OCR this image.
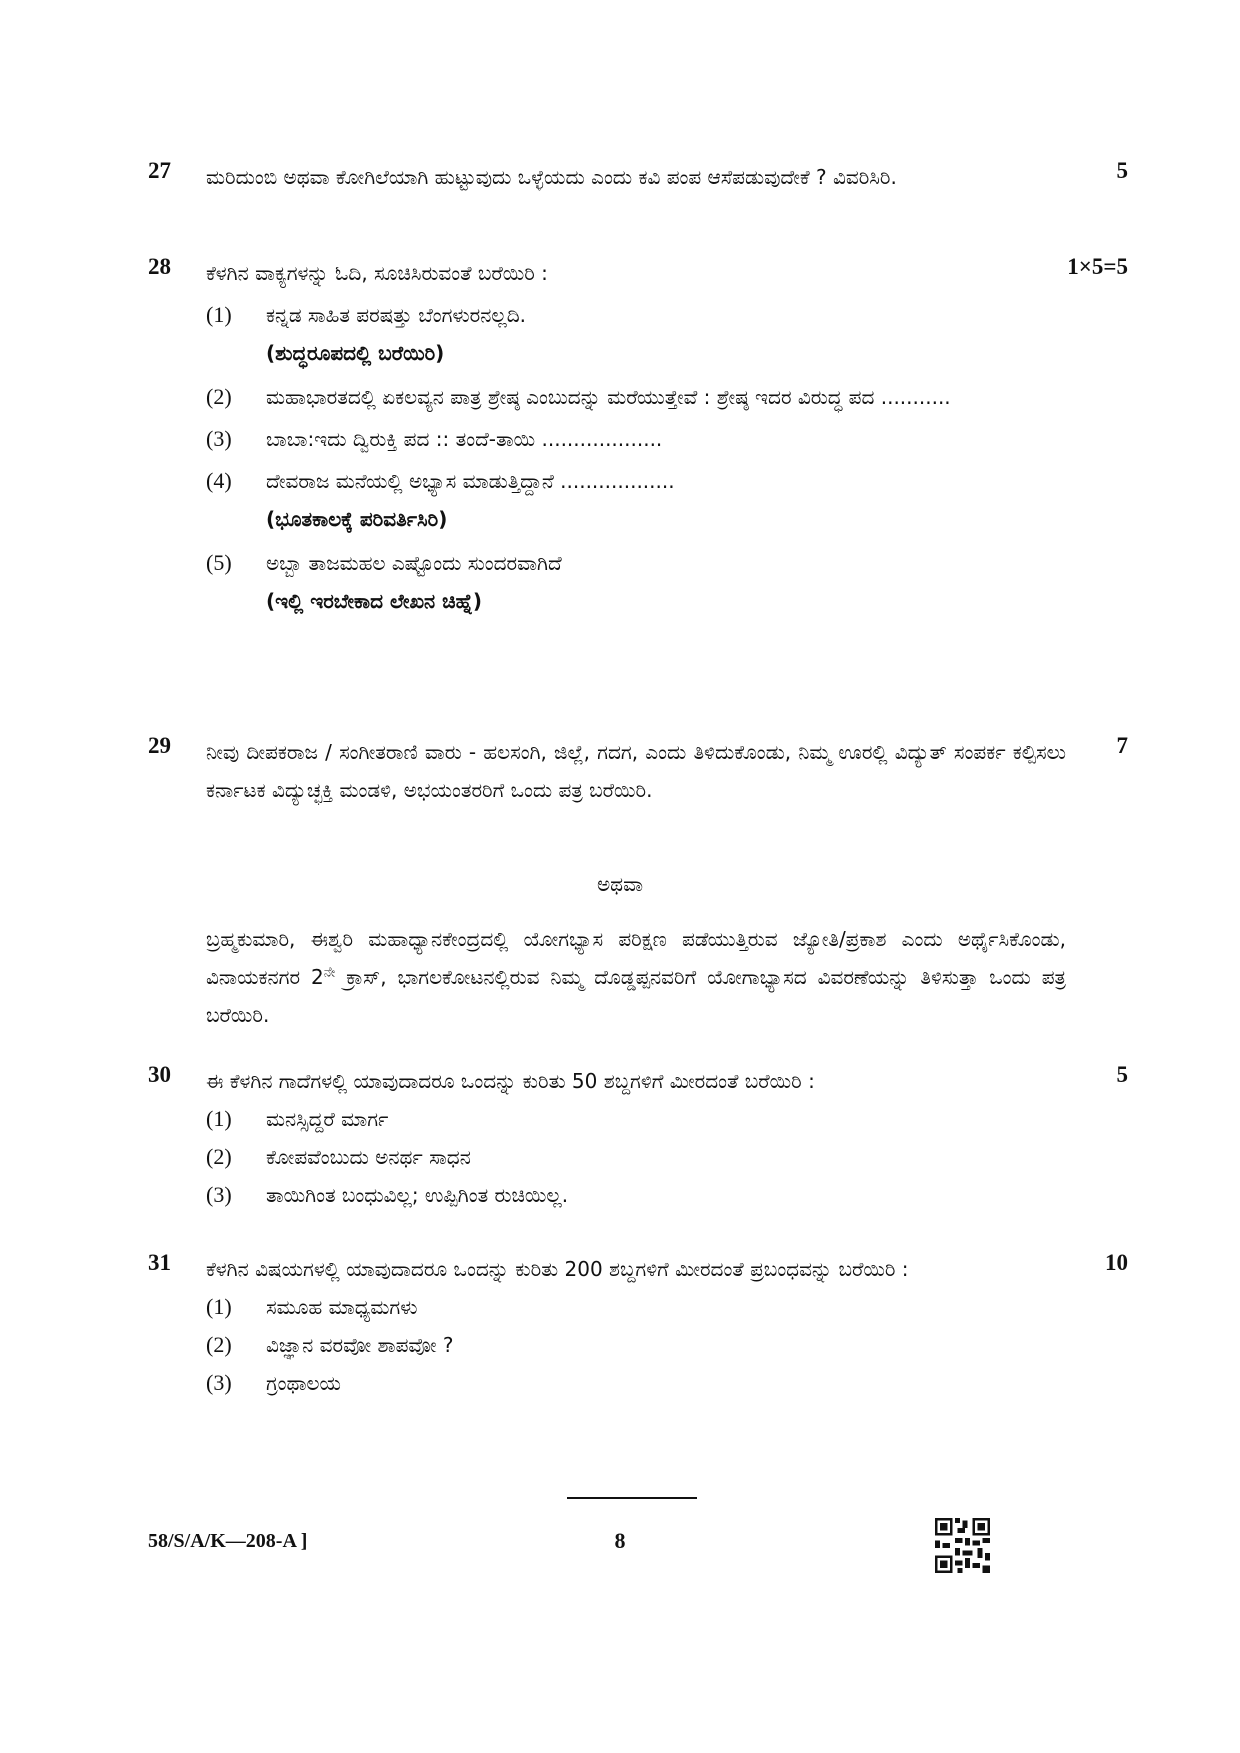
27	5
ಮರಿದುಂಬಿ ಅಥವಾ ಕೋಗಿಲೆಯಾಗಿ ಹುಟ್ಟುವುದು ಒಳ್ಳೆಯದು ಎಂದು ಕವಿ ಪಂಪ ಆಸೆಪಡುವುದೇಕೆ ? ವಿವರಿಸಿರಿ.
28	1×5=5
ಕೆಳಗಿನ ವಾಕ್ಯಗಳನ್ನು ಓದಿ, ಸೂಚಿಸಿರುವಂತೆ ಬರೆಯಿರಿ :
(1) ಕನ್ನಡ ಸಾಹಿತ ಪರಷತ್ತು ಬೆಂಗಳುರನಲ್ಲದಿ.
(ಶುದ್ಧರೂಪದಲ್ಲಿ ಬರೆಯಿರಿ)
(2) ಮಹಾಭಾರತದಲ್ಲಿ ಏಕಲವ್ಯನ ಪಾತ್ರ ಶ್ರೇಷ್ಠ ಎಂಬುದನ್ನು ಮರೆಯುತ್ತೇವೆ : ಶ್ರೇಷ್ಠ ಇದರ ವಿರುದ್ಧ ಪದ ...........
(3) ಬಾಬಾ:ಇದು ದ್ವಿರುಕ್ತಿ ಪದ :: ತಂದೆ-ತಾಯಿ ...................
(4) ದೇವರಾಜ ಮನೆಯಲ್ಲಿ ಅಭ್ಯಾಸ ಮಾಡುತ್ತಿದ್ದಾನೆ ..................
(ಭೂತಕಾಲಕ್ಕೆ ಪರಿವರ್ತಿಸಿರಿ)
(5) ಅಬ್ಬಾ ತಾಜಮಹಲ ಎಷ್ಟೊಂದು ಸುಂದರವಾಗಿದೆ
(ಇಲ್ಲಿ ಇರಬೇಕಾದ ಲೇಖನ ಚಿಹ್ನೆ)
29	7
ನೀವು ದೀಪಕರಾಜ / ಸಂಗೀತರಾಣಿ ವಾರು - ಹಲಸಂಗಿ, ಜಿಲ್ಲೆ, ಗದಗ, ಎಂದು ತಿಳಿದುಕೊಂಡು, ನಿಮ್ಮ ಊರಲ್ಲಿ ವಿದ್ಯುತ್ ಸಂಪರ್ಕ ಕಲ್ಪಿಸಲು ಕರ್ನಾಟಕ ವಿದ್ಯುಚ್ಛಕ್ತಿ ಮಂಡಳಿ, ಅಭಯಂತರರಿಗೆ ಒಂದು ಪತ್ರ ಬರೆಯಿರಿ.
ಅಥವಾ
ಬ್ರಹ್ಮಕುಮಾರಿ, ಈಶ್ವರಿ ಮಹಾಧ್ಯಾನಕೇಂದ್ರದಲ್ಲಿ ಯೋಗಭ್ಯಾಸ ಪರಿಕ್ಷಣ ಪಡೆಯುತ್ತಿರುವ ಜ್ಯೋತಿ/ಪ್ರಕಾಶ ಎಂದು ಅರ್ಥೈಸಿಕೊಂಡು, ವಿನಾಯಕನಗರ $2^{ನೇ}$ ಕ್ರಾಸ್, ಭಾಗಲಕೋಟನಲ್ಲಿರುವ ನಿಮ್ಮ ದೊಡ್ಡಪ್ಪನವರಿಗೆ ಯೋಗಾಭ್ಯಾಸದ ವಿವರಣೆಯನ್ನು ತಿಳಿಸುತ್ತಾ ಒಂದು ಪತ್ರ ಬರೆಯಿರಿ.
30	5
ಈ ಕೆಳಗಿನ ಗಾದೆಗಳಲ್ಲಿ ಯಾವುದಾದರೂ ಒಂದನ್ನು ಕುರಿತು 50 ಶಬ್ದಗಳಿಗೆ ಮೀರದಂತೆ ಬರೆಯಿರಿ :
(1) ಮನಸ್ಸಿದ್ದರೆ ಮಾರ್ಗ
(2) ಕೋಪವೆಂಬುದು ಅನರ್ಥ ಸಾಧನ
(3) ತಾಯಿಗಿಂತ ಬಂಧುವಿಲ್ಲ; ಉಪ್ಪಿಗಿಂತ ರುಚಿಯಿಲ್ಲ.
31	10
ಕೆಳಗಿನ ವಿಷಯಗಳಲ್ಲಿ ಯಾವುದಾದರೂ ಒಂದನ್ನು ಕುರಿತು 200 ಶಬ್ದಗಳಿಗೆ ಮೀರದಂತೆ ಪ್ರಬಂಧವನ್ನು ಬರೆಯಿರಿ :
(1) ಸಮೂಹ ಮಾಧ್ಯಮಗಳು
(2) ವಿಜ್ಞಾನ ವರವೋ ಶಾಪವೋ ?
(3) ಗ್ರಂಥಾಲಯ
58/S/A/K—208-A ]	8
